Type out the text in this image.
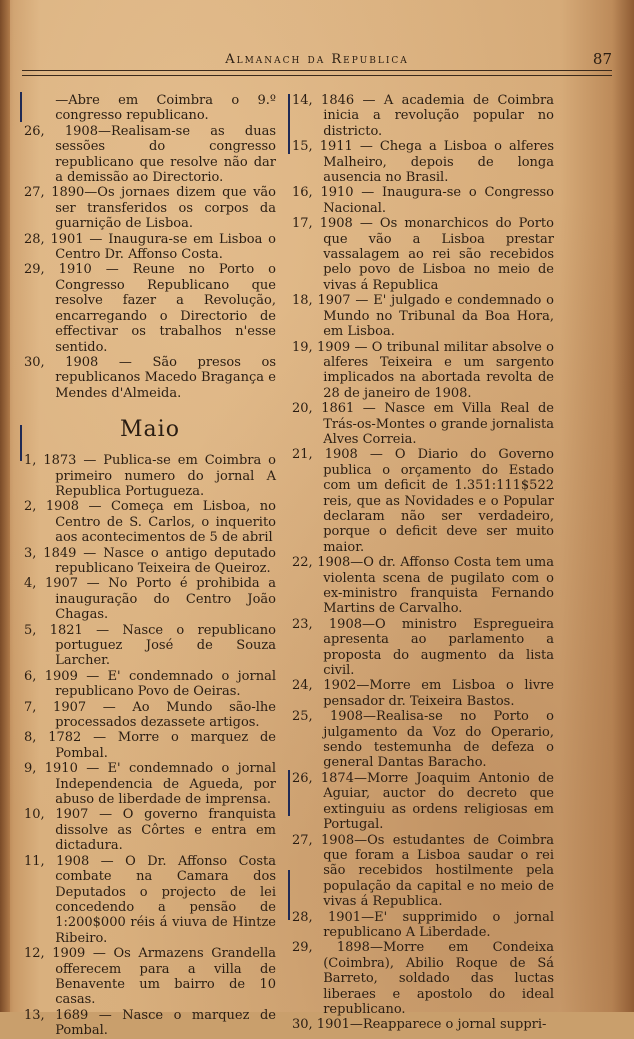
Almanach da Republica	87

—Abre em Coimbra o 9.º congresso republicano.

26, 1908—Realisam-se as duas sessões do congresso republicano que resolve não dar a demissão ao Directorio.

27, 1890—Os jornaes dizem que vão ser transferidos os corpos da guarnição de Lisboa.

28, 1901 — Inaugura-se em Lisboa o Centro Dr. Affonso Costa.

29, 1910 — Reune no Porto o Congresso Republicano que resolve fazer a Revolução, encarregando o Directorio de effectivar os trabalhos n'esse sentido.

30, 1908 — São presos os republicanos Macedo Bragança e Mendes d'Almeida.

Maio

1, 1873 — Publica-se em Coimbra o primeiro numero do jornal A Republica Portugueza.

2, 1908 — Começa em Lisboa, no Centro de S. Carlos, o inquerito aos acontecimentos de 5 de abril

3, 1849 — Nasce o antigo deputado republicano Teixeira de Queiroz.

4, 1907 — No Porto é prohibida a inauguração do Centro João Chagas.

5, 1821 — Nasce o republicano portuguez José de Souza Larcher.

6, 1909 — E' condemnado o jornal republicano Povo de Oeiras.

7, 1907 — Ao Mundo são-lhe processados dezassete artigos.

8, 1782 — Morre o marquez de Pombal.

9, 1910 — E' condemnado o jornal Independencia de Agueda, por abuso de liberdade de imprensa.

10, 1907 — O governo franquista dissolve as Côrtes e entra em dictadura.

11, 1908 — O Dr. Affonso Costa combate na Camara dos Deputados o projecto de lei concedendo a pensão de 1:200$000 réis á viuva de Hintze Ribeiro.

12, 1909 — Os Armazens Grandella offerecem para a villa de Benavente um bairro de 10 casas.

13, 1689 — Nasce o marquez de Pombal.

14, 1846 — A academia de Coimbra inicia a revolução popular no districto.

15, 1911 — Chega a Lisboa o alferes Malheiro, depois de longa ausencia no Brasil.

16, 1910 — Inaugura-se o Congresso Nacional.

17, 1908 — Os monarchicos do Porto que vão a Lisboa prestar vassalagem ao rei são recebidos pelo povo de Lisboa no meio de vivas á Republica

18, 1907 — E' julgado e condemnado o Mundo no Tribunal da Boa Hora, em Lisboa.

19, 1909 — O tribunal militar absolve o alferes Teixeira e um sargento implicados na abortada revolta de 28 de janeiro de 1908.

20, 1861 — Nasce em Villa Real de Trás-os-Montes o grande jornalista Alves Correia.

21, 1908 — O Diario do Governo publica o orçamento do Estado com um deficit de 1.351:111$522 reis, que as Novidades e o Popular declaram não ser verdadeiro, porque o deficit deve ser muito maior.

22, 1908—O dr. Affonso Costa tem uma violenta scena de pugilato com o ex-ministro franquista Fernando Martins de Carvalho.

23, 1908—O ministro Espregueira apresenta ao parlamento a proposta do augmento da lista civil.

24, 1902—Morre em Lisboa o livre pensador dr. Teixeira Bastos.

25, 1908—Realisa-se no Porto o julgamento da Voz do Operario, sendo testemunha de defeza o general Dantas Baracho.

26, 1874—Morre Joaquim Antonio de Aguiar, auctor do decreto que extinguiu as ordens religiosas em Portugal.

27, 1908—Os estudantes de Coimbra que foram a Lisboa saudar o rei são recebidos hostilmente pela população da capital e no meio de vivas á Republica.

28, 1901—E' supprimido o jornal republicano A Liberdade.

29, 1898—Morre em Condeixa (Coimbra), Abilio Roque de Sá Barreto, soldado das luctas liberaes e apostolo do ideal republicano.

30, 1901—Reapparece o jornal suppri-
